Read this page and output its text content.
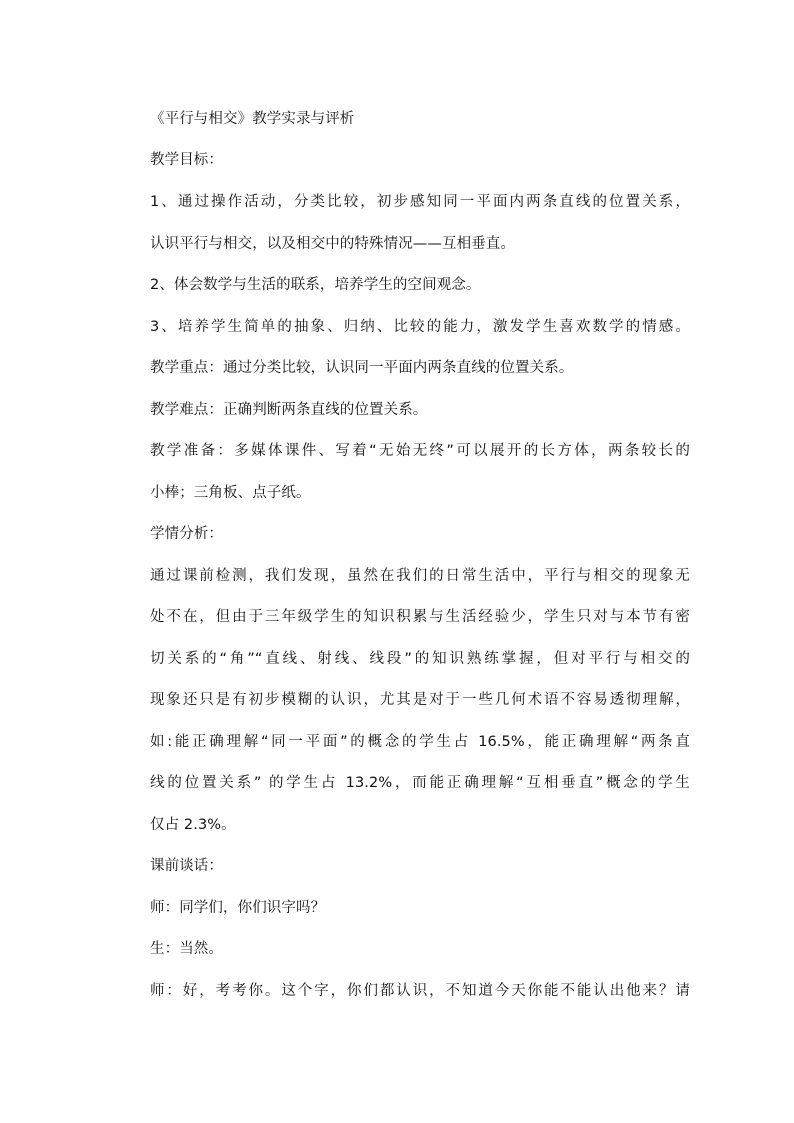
《平行与相交》教学实录与评析
教学目标：
1、通过操作活动，分类比较，初步感知同一平面内两条直线的位置关系，
认识平行与相交，以及相交中的特殊情况——互相垂直。
2、体会数学与生活的联系，培养学生的空间观念。
3、培养学生简单的抽象、归纳、比较的能力，激发学生喜欢数学的情感。
教学重点：通过分类比较，认识同一平面内两条直线的位置关系。
教学难点：正确判断两条直线的位置关系。
教学准备：多媒体课件、写着“无始无终”可以展开的长方体，两条较长的
小棒；三角板、点子纸。
学情分析：
通过课前检测，我们发现，虽然在我们的日常生活中，平行与相交的现象无
处不在，但由于三年级学生的知识积累与生活经验少，学生只对与本节有密
切关系的“角”“直线、射线、线段”的知识熟练掌握，但对平行与相交的
现象还只是有初步模糊的认识，尤其是对于一些几何术语不容易透彻理解，
如:能正确理解“同一平面”的概念的学生占 16.5%，能正确理解“两条直
线的位置关系” 的学生占 13.2%，而能正确理解“互相垂直”概念的学生
仅占 2.3%。
课前谈话：
师：同学们，你们识字吗？
生：当然。
师：好，考考你。这个字，你们都认识，不知道今天你能不能认出他来？请
